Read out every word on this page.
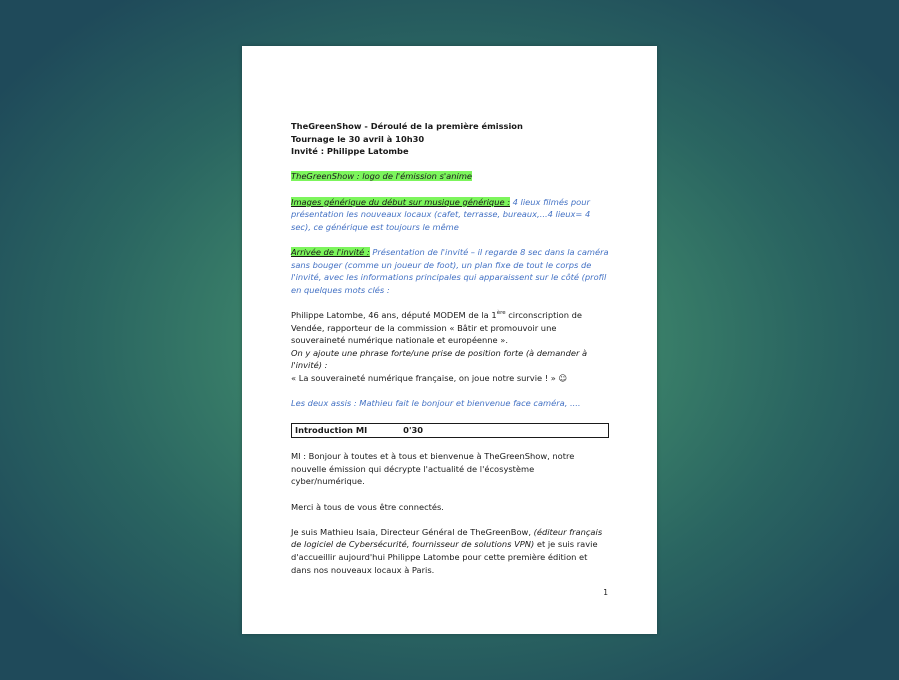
TheGreenShow - Déroulé de la première émission

Tournage le 30 avril à 10h30

Invité : Philippe Latombe

TheGreenShow : logo de l'émission s'anime

Images générique du début sur musique générique : 4 lieux filmés pour présentation les nouveaux locaux (cafet, terrasse, bureaux,...4 lieux= 4 sec), ce générique est toujours le même

Arrivée de l'invité : Présentation de l'invité – il regarde 8 sec dans la caméra sans bouger (comme un joueur de foot), un plan fixe de tout le corps de l'invité, avec les informations principales qui apparaissent sur le côté (profil en quelques mots clés :

Philippe Latombe, 46 ans, député MODEM de la 1ère circonscription de Vendée, rapporteur de la commission « Bâtir et promouvoir une souveraineté numérique nationale et européenne ».

On y ajoute une phrase forte/une prise de position forte (à demander à l'invité) :

« La souveraineté numérique française, on joue notre survie ! » ☺

Les deux assis : Mathieu fait le bonjour et bienvenue face caméra, ....

Introduction MI	0'30

MI : Bonjour à toutes et à tous et bienvenue à TheGreenShow, notre nouvelle émission qui décrypte l'actualité de l'écosystème cyber/numérique.

Merci à tous de vous être connectés.

Je suis Mathieu Isaia, Directeur Général de TheGreenBow, (éditeur français de logiciel de Cybersécurité, fournisseur de solutions VPN) et je suis ravie d'accueillir aujourd'hui Philippe Latombe pour cette première édition et dans nos nouveaux locaux à Paris.

1
